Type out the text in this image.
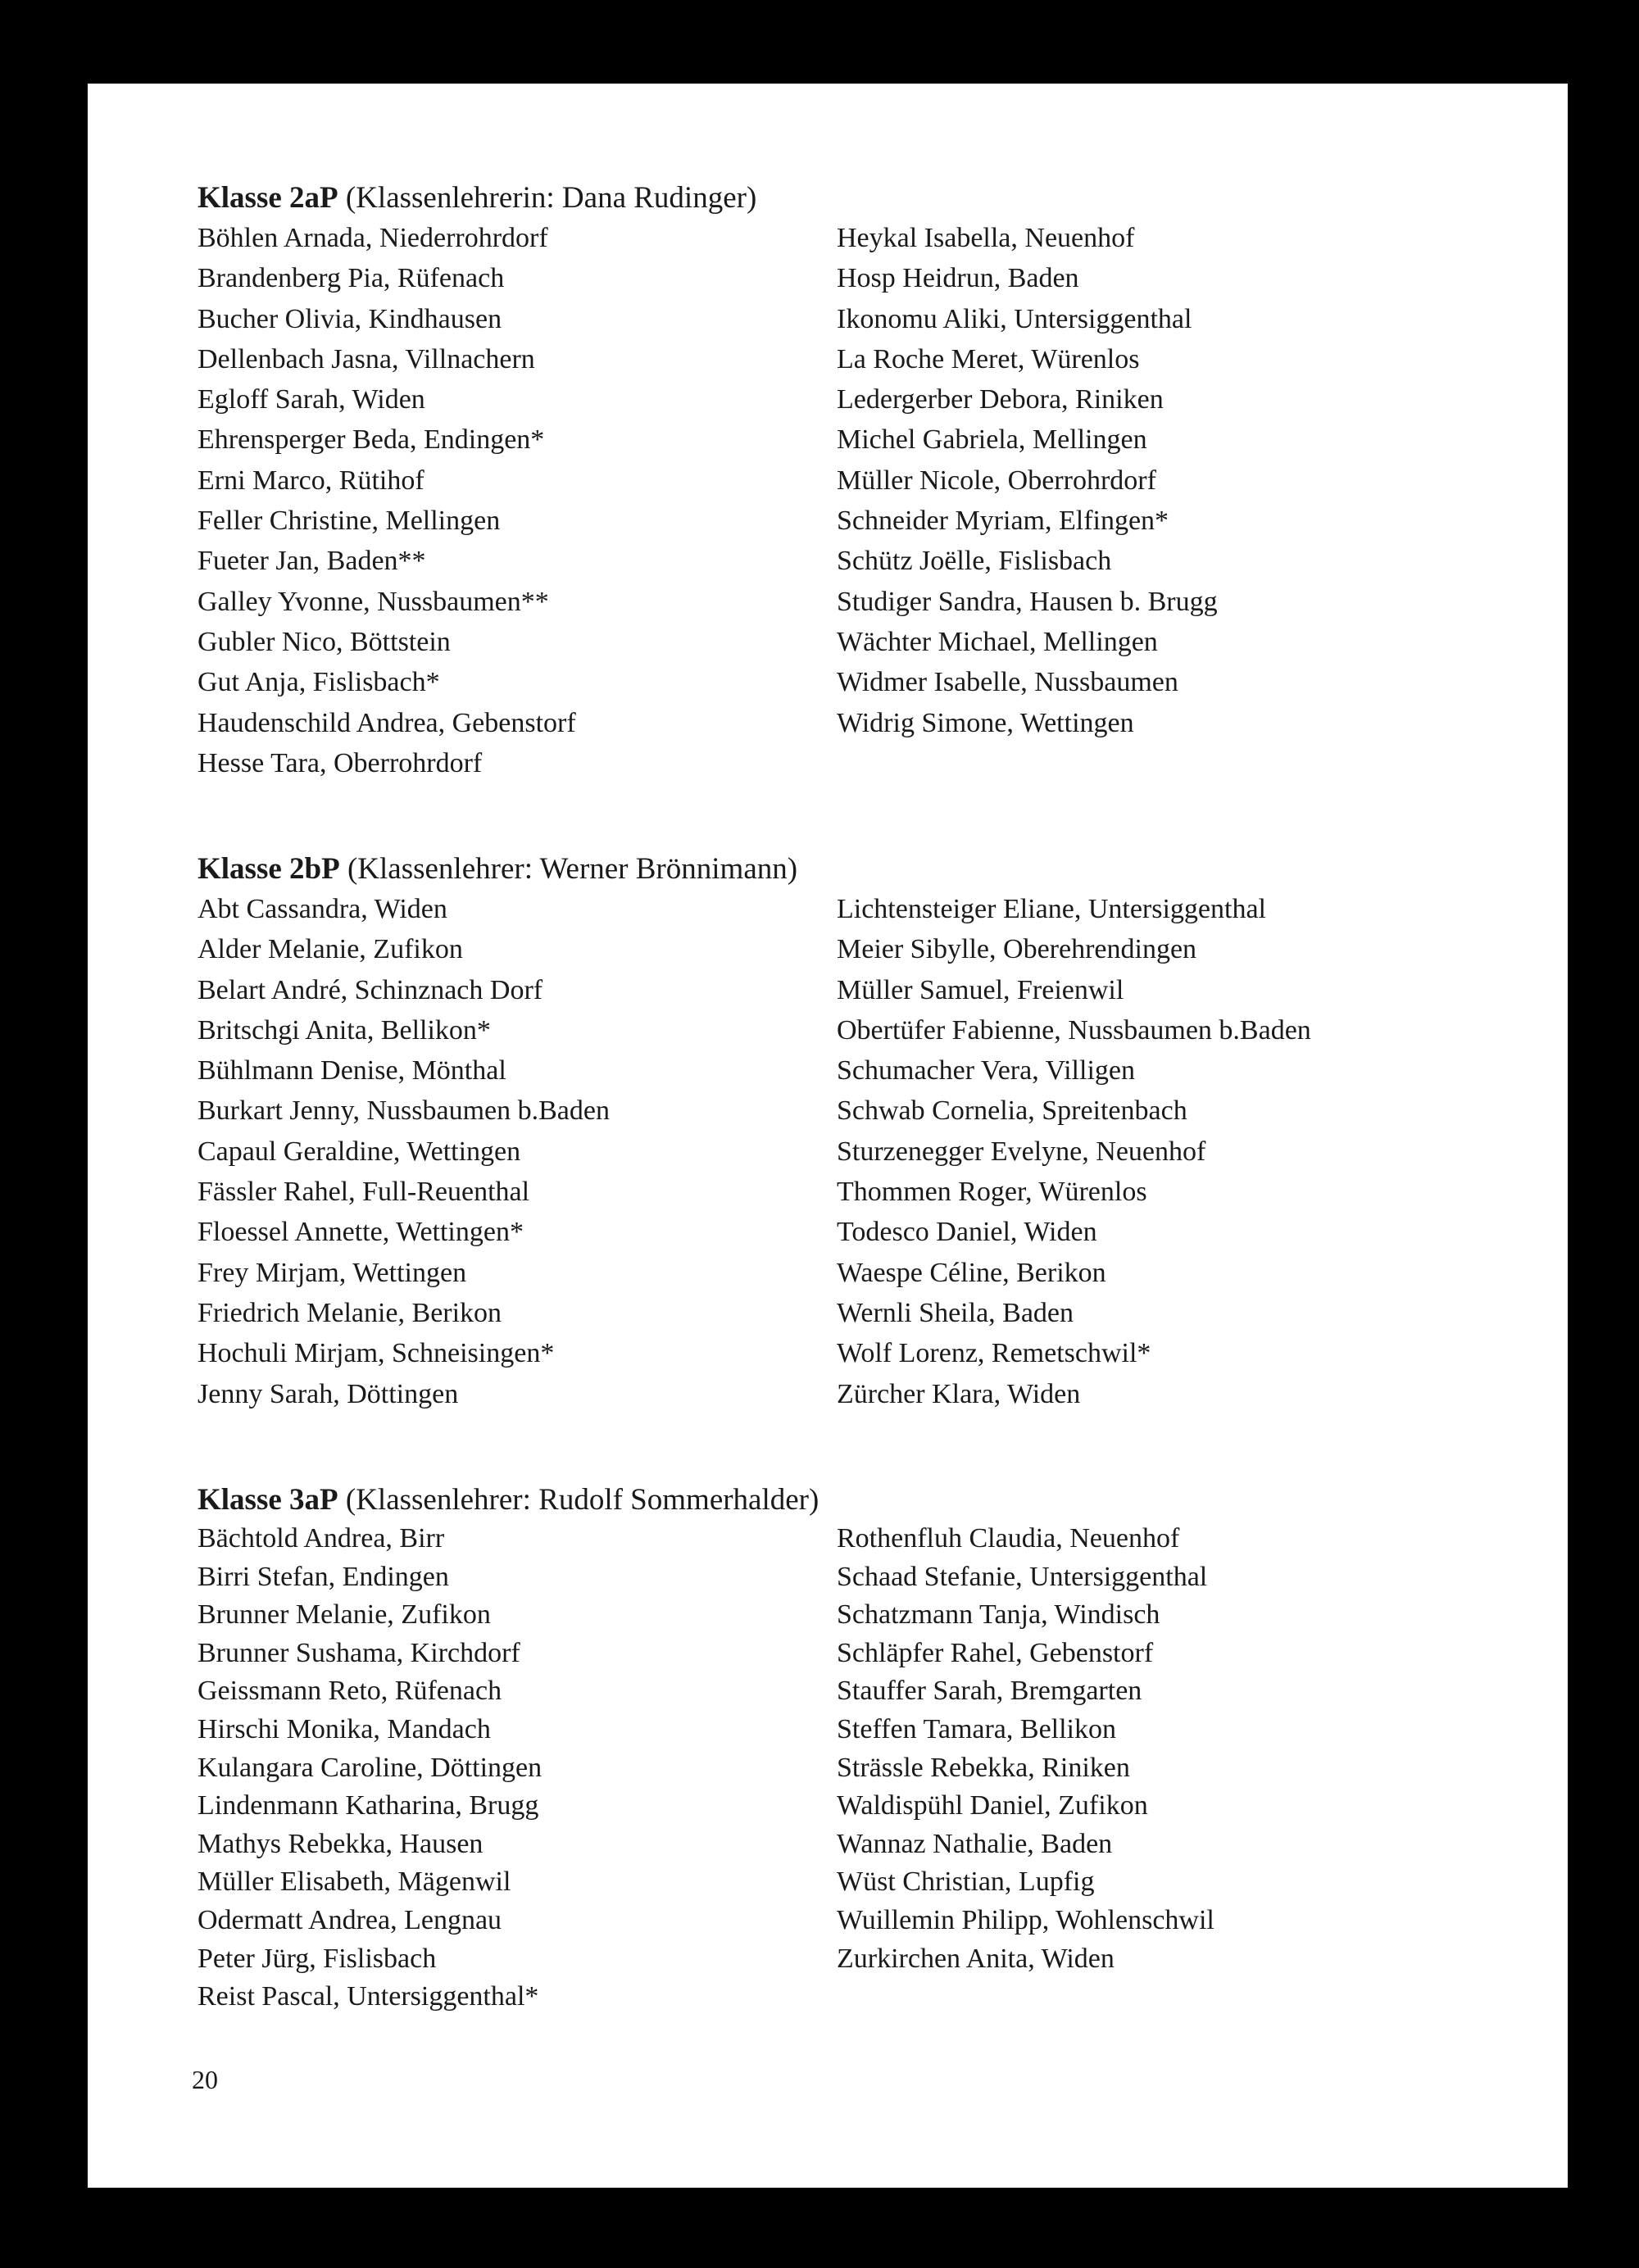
Klasse 2aP (Klassenlehrerin: Dana Rudinger)
Böhlen Arnada, Niederrohrdorf
Brandenberg Pia, Rüfenach
Bucher Olivia, Kindhausen
Dellenbach Jasna, Villnachern
Egloff Sarah, Widen
Ehrensperger Beda, Endingen*
Erni Marco, Rütihof
Feller Christine, Mellingen
Fueter Jan, Baden**
Galley Yvonne, Nussbaumen**
Gubler Nico, Böttstein
Gut Anja, Fislisbach*
Haudenschild Andrea, Gebenstorf
Hesse Tara, Oberrohrdorf
Heykal Isabella, Neuenhof
Hosp Heidrun, Baden
Ikonomu Aliki, Untersiggenthal
La Roche Meret, Würenlos
Ledergerber Debora, Riniken
Michel Gabriela, Mellingen
Müller Nicole, Oberrohrdorf
Schneider Myriam, Elfingen*
Schütz Joëlle, Fislisbach
Studiger Sandra, Hausen b. Brugg
Wächter Michael, Mellingen
Widmer Isabelle, Nussbaumen
Widrig Simone, Wettingen
Klasse 2bP (Klassenlehrer: Werner Brönnimann)
Abt Cassandra, Widen
Alder Melanie, Zufikon
Belart André, Schinznach Dorf
Britschgi Anita, Bellikon*
Bühlmann Denise, Mönthal
Burkart Jenny, Nussbaumen b.Baden
Capaul Geraldine, Wettingen
Fässler Rahel, Full-Reuenthal
Floessel Annette, Wettingen*
Frey Mirjam, Wettingen
Friedrich Melanie, Berikon
Hochuli Mirjam, Schneisingen*
Jenny Sarah, Döttingen
Lichtensteiger Eliane, Untersiggenthal
Meier Sibylle, Oberehrendingen
Müller Samuel, Freienwil
Obertüfer Fabienne, Nussbaumen b.Baden
Schumacher Vera, Villigen
Schwab Cornelia, Spreitenbach
Sturzenegger Evelyne, Neuenhof
Thommen Roger, Würenlos
Todesco Daniel, Widen
Waespe Céline, Berikon
Wernli Sheila, Baden
Wolf Lorenz, Remetschwil*
Zürcher Klara, Widen
Klasse 3aP (Klassenlehrer: Rudolf Sommerhalder)
Bächtold Andrea, Birr
Birri Stefan, Endingen
Brunner Melanie, Zufikon
Brunner Sushama, Kirchdorf
Geissmann Reto, Rüfenach
Hirschi Monika, Mandach
Kulangara Caroline, Döttingen
Lindenmann Katharina, Brugg
Mathys Rebekka, Hausen
Müller Elisabeth, Mägenwil
Odermatt Andrea, Lengnau
Peter Jürg, Fislisbach
Reist Pascal, Untersiggenthal*
Rothenfluh Claudia, Neuenhof
Schaad Stefanie, Untersiggenthal
Schatzmann Tanja, Windisch
Schläpfer Rahel, Gebenstorf
Stauffer Sarah, Bremgarten
Steffen Tamara, Bellikon
Strässle Rebekka, Riniken
Waldispühl Daniel, Zufikon
Wannaz Nathalie, Baden
Wüst Christian, Lupfig
Wuillemin Philipp, Wohlenschwil
Zurkirchen Anita, Widen
20
